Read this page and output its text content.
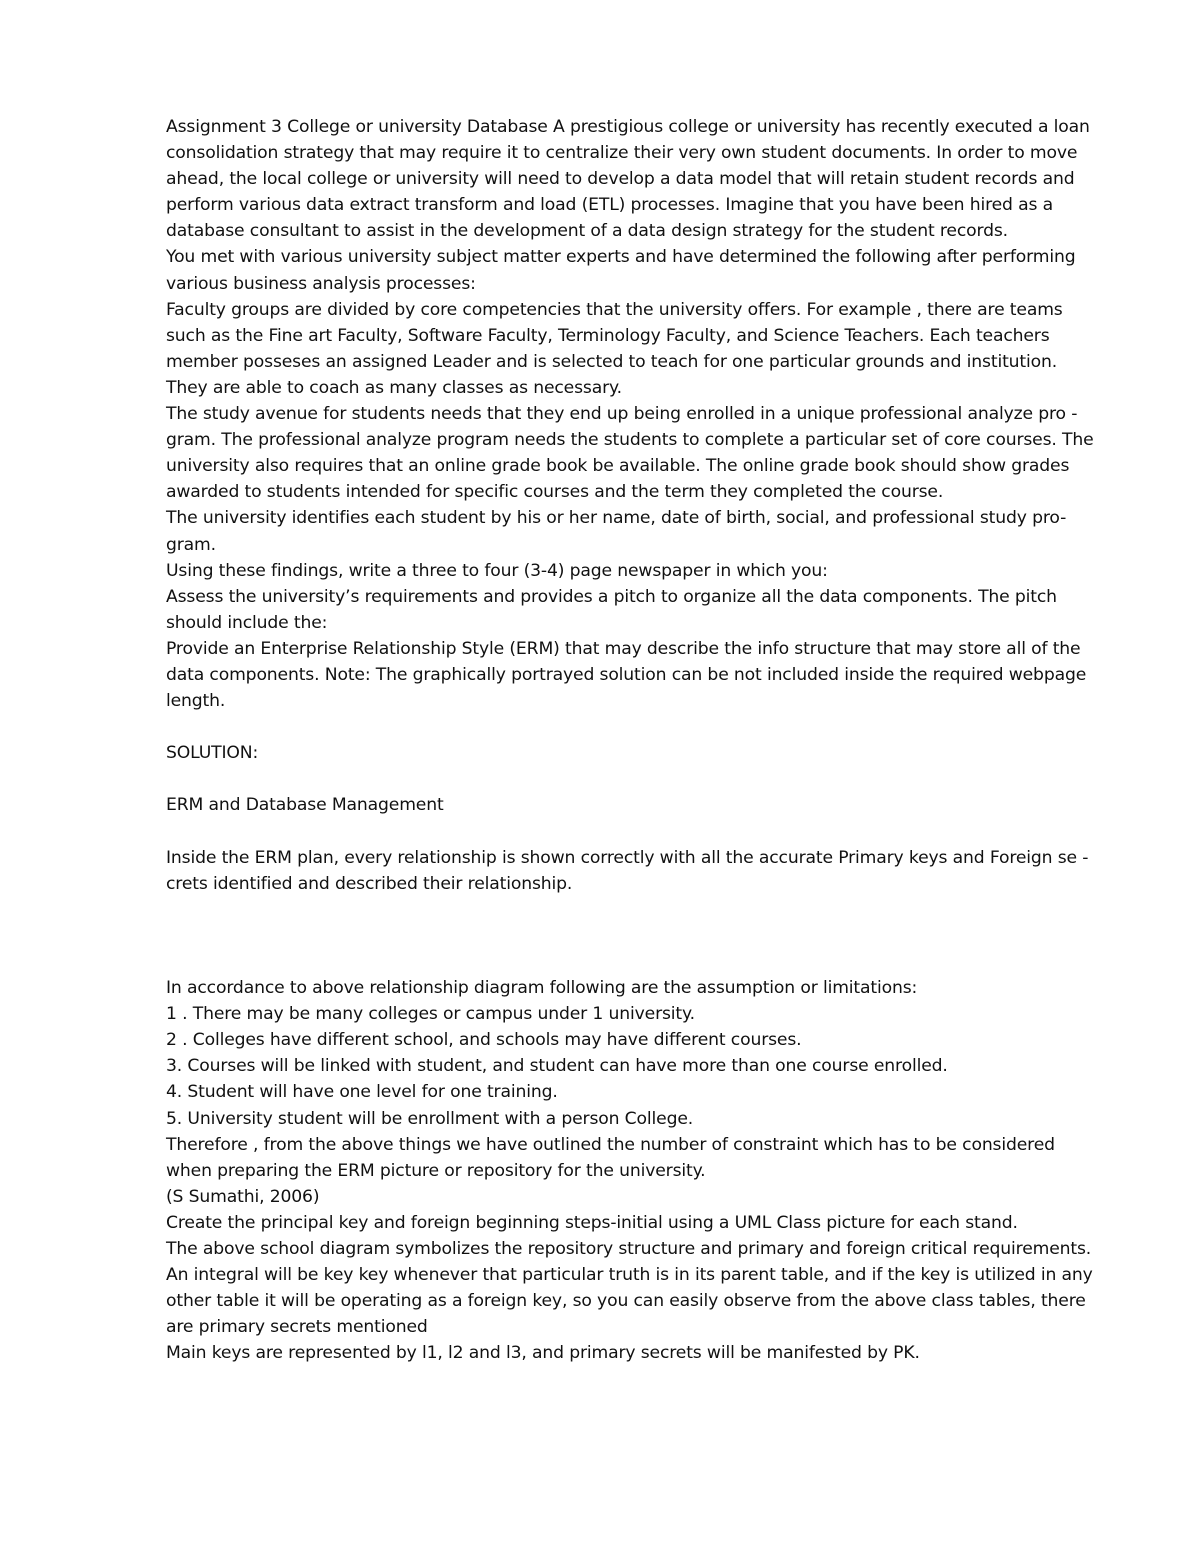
Assignment 3 College or university Database A prestigious college or university has recently executed a loan
consolidation strategy that may require it to centralize their very own student documents. In order to move
ahead, the local college or university will need to develop a data model that will retain student records and
perform various data extract transform and load (ETL) processes. Imagine that you have been hired as a
database consultant to assist in the development of a data design strategy for the student records.
You met with various university subject matter experts and have determined the following after performing
various business analysis processes:
Faculty groups are divided by core competencies that the university offers. For example , there are teams
such as the Fine art Faculty, Software Faculty, Terminology Faculty, and Science Teachers. Each teachers
member posseses an assigned Leader and is selected to teach for one particular grounds and institution.
They are able to coach as many classes as necessary.
The study avenue for students needs that they end up being enrolled in a unique professional analyze pro -
gram. The professional analyze program needs the students to complete a particular set of core courses. The
university also requires that an online grade book be available. The online grade book should show grades
awarded to students intended for specific courses and the term they completed the course.
The university identifies each student by his or her name, date of birth, social, and professional study pro-
gram.
Using these findings, write a three to four (3-4) page newspaper in which you:
Assess the university’s requirements and provides a pitch to organize all the data components. The pitch
should include the:
Provide an Enterprise Relationship Style (ERM) that may describe the info structure that may store all of the
data components. Note: The graphically portrayed solution can be not included inside the required webpage
length.
SOLUTION:
ERM and Database Management
Inside the ERM plan, every relationship is shown correctly with all the accurate Primary keys and Foreign se -
crets identified and described their relationship.
In accordance to above relationship diagram following are the assumption or limitations:
1 . There may be many colleges or campus under 1 university.
2 . Colleges have different school, and schools may have different courses.
3. Courses will be linked with student, and student can have more than one course enrolled.
4. Student will have one level for one training.
5. University student will be enrollment with a person College.
Therefore , from the above things we have outlined the number of constraint which has to be considered
when preparing the ERM picture or repository for the university.
(S Sumathi, 2006)
Create the principal key and foreign beginning steps-initial using a UML Class picture for each stand.
The above school diagram symbolizes the repository structure and primary and foreign critical requirements.
An integral will be key key whenever that particular truth is in its parent table, and if the key is utilized in any
other table it will be operating as a foreign key, so you can easily observe from the above class tables, there
are primary secrets mentioned
Main keys are represented by l1, l2 and l3, and primary secrets will be manifested by PK.
